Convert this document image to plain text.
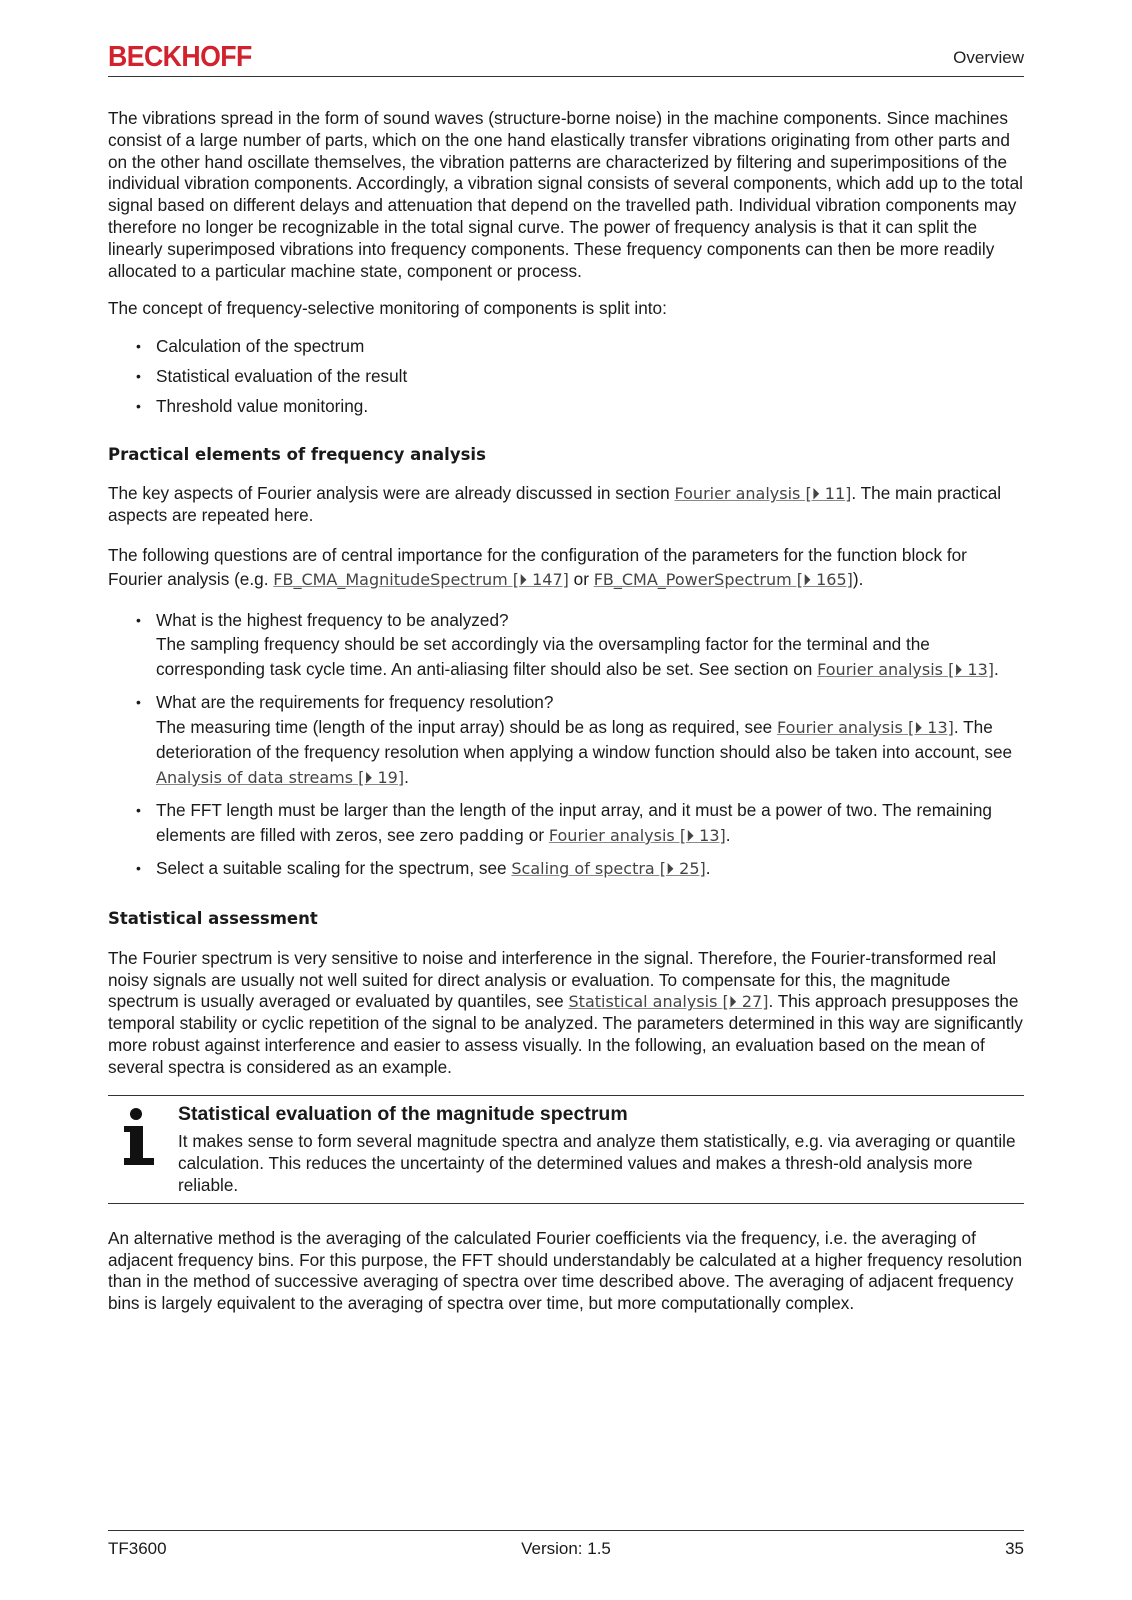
BECKHOFF	Overview

The vibrations spread in the form of sound waves (structure-borne noise) in the machine components. Since machines consist of a large number of parts, which on the one hand elastically transfer vibrations originating from other parts and on the other hand oscillate themselves, the vibration patterns are characterized by filtering and superimpositions of the individual vibration components. Accordingly, a vibration signal consists of several components, which add up to the total signal based on different delays and attenuation that depend on the travelled path. Individual vibration components may therefore no longer be recognizable in the total signal curve. The power of frequency analysis is that it can split the linearly superimposed vibrations into frequency components. These frequency components can then be more readily allocated to a particular machine state, component or process.

The concept of frequency-selective monitoring of components is split into:

• Calculation of the spectrum
• Statistical evaluation of the result
• Threshold value monitoring.
Practical elements of frequency analysis

The key aspects of Fourier analysis were are already discussed in section Fourier analysis [⏵ 11]. The main practical aspects are repeated here.

The following questions are of central importance for the configuration of the parameters for the function block for Fourier analysis (e.g. FB_CMA_MagnitudeSpectrum [⏵ 147] or FB_CMA_PowerSpectrum [⏵ 165]).

• What is the highest frequency to be analyzed?
The sampling frequency should be set accordingly via the oversampling factor for the terminal and the corresponding task cycle time. An anti-aliasing filter should also be set. See section on Fourier analysis [⏵ 13].
• What are the requirements for frequency resolution?
The measuring time (length of the input array) should be as long as required, see Fourier analysis [⏵ 13]. The deterioration of the frequency resolution when applying a window function should also be taken into account, see Analysis of data streams [⏵ 19].
• The FFT length must be larger than the length of the input array, and it must be a power of two. The remaining elements are filled with zeros, see zero padding or Fourier analysis [⏵ 13].
• Select a suitable scaling for the spectrum, see Scaling of spectra [⏵ 25].
Statistical assessment

The Fourier spectrum is very sensitive to noise and interference in the signal. Therefore, the Fourier-transformed real noisy signals are usually not well suited for direct analysis or evaluation. To compensate for this, the magnitude spectrum is usually averaged or evaluated by quantiles, see Statistical analysis [⏵ 27]. This approach presupposes the temporal stability or cyclic repetition of the signal to be analyzed. The parameters determined in this way are significantly more robust against interference and easier to assess visually. In the following, an evaluation based on the mean of several spectra is considered as an example.

Statistical evaluation of the magnitude spectrum
It makes sense to form several magnitude spectra and analyze them statistically, e.g. via averaging or quantile calculation. This reduces the uncertainty of the determined values and makes a thresh-old analysis more reliable.

An alternative method is the averaging of the calculated Fourier coefficients via the frequency, i.e. the averaging of adjacent frequency bins. For this purpose, the FFT should understandably be calculated at a higher frequency resolution than in the method of successive averaging of spectra over time described above. The averaging of adjacent frequency bins is largely equivalent to the averaging of spectra over time, but more computationally complex.

TF3600	Version: 1.5	35
